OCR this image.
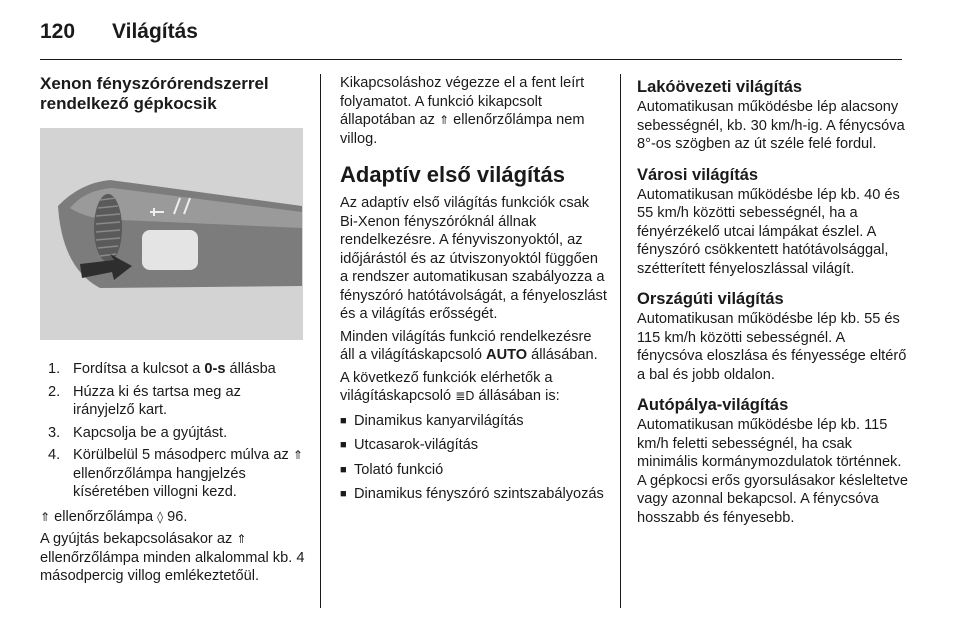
120 Világítás
Xenon fényszórórendszerrel rendelkező gépkocsik
1. Fordítsa a kulcsot a 0-s állásba
2. Húzza ki és tartsa meg az irányjelző kart.
3. Kapcsolja be a gyújtást.
4. Körülbelül 5 másodperc múlva az ⇑ ellenőrzőlámpa hangjelzés kíséretében villogni kezd.

⇑ ellenőrzőlámpa ◊ 96.

A gyújtás bekapcsolásakor az ⇑ ellenőrzőlámpa minden alkalommal kb. 4 másodpercig villog emlékeztetőül.

Kikapcsoláshoz végezze el a fent leírt folyamatot. A funkció kikapcsolt állapotában az ⇑ ellenőrzőlámpa nem villog.

Adaptív első világítás

Az adaptív első világítás funkciók csak Bi-Xenon fényszóróknál állnak rendelkezésre. A fényviszonyoktól, az időjárástól és az útviszonyoktól függően a rendszer automatikusan szabályozza a fényszóró hatótávolságát, a fényeloszlást és a világítás erősségét.

Minden világítás funkció rendelkezésre áll a világításkapcsoló AUTO állásában.

A következő funkciók elérhetők a világításkapcsoló ≣D állásában is:

■ Dinamikus kanyarvilágítás
■ Utcasarok-világítás
■ Tolató funkció
■ Dinamikus fényszóró szintszabályozás
Lakóövezeti világítás

Automatikusan működésbe lép alacsony sebességnél, kb. 30 km/h-ig. A fénycsóva 8°-os szögben az út széle felé fordul.

Városi világítás

Automatikusan működésbe lép kb. 40 és 55 km/h közötti sebességnél, ha a fényérzékelő utcai lámpákat észlel. A fényszóró csökkentett hatótávolsággal, szétterített fényeloszlással világít.

Országúti világítás

Automatikusan működésbe lép kb. 55 és 115 km/h közötti sebességnél. A fénycsóva eloszlása és fényessége eltérő a bal és jobb oldalon.

Autópálya-világítás

Automatikusan működésbe lép kb. 115 km/h feletti sebességnél, ha csak minimális kormánymozdulatok történnek. A gépkocsi erős gyorsulásakor késleltetve vagy azonnal bekapcsol. A fénycsóva hosszabb és fényesebb.
